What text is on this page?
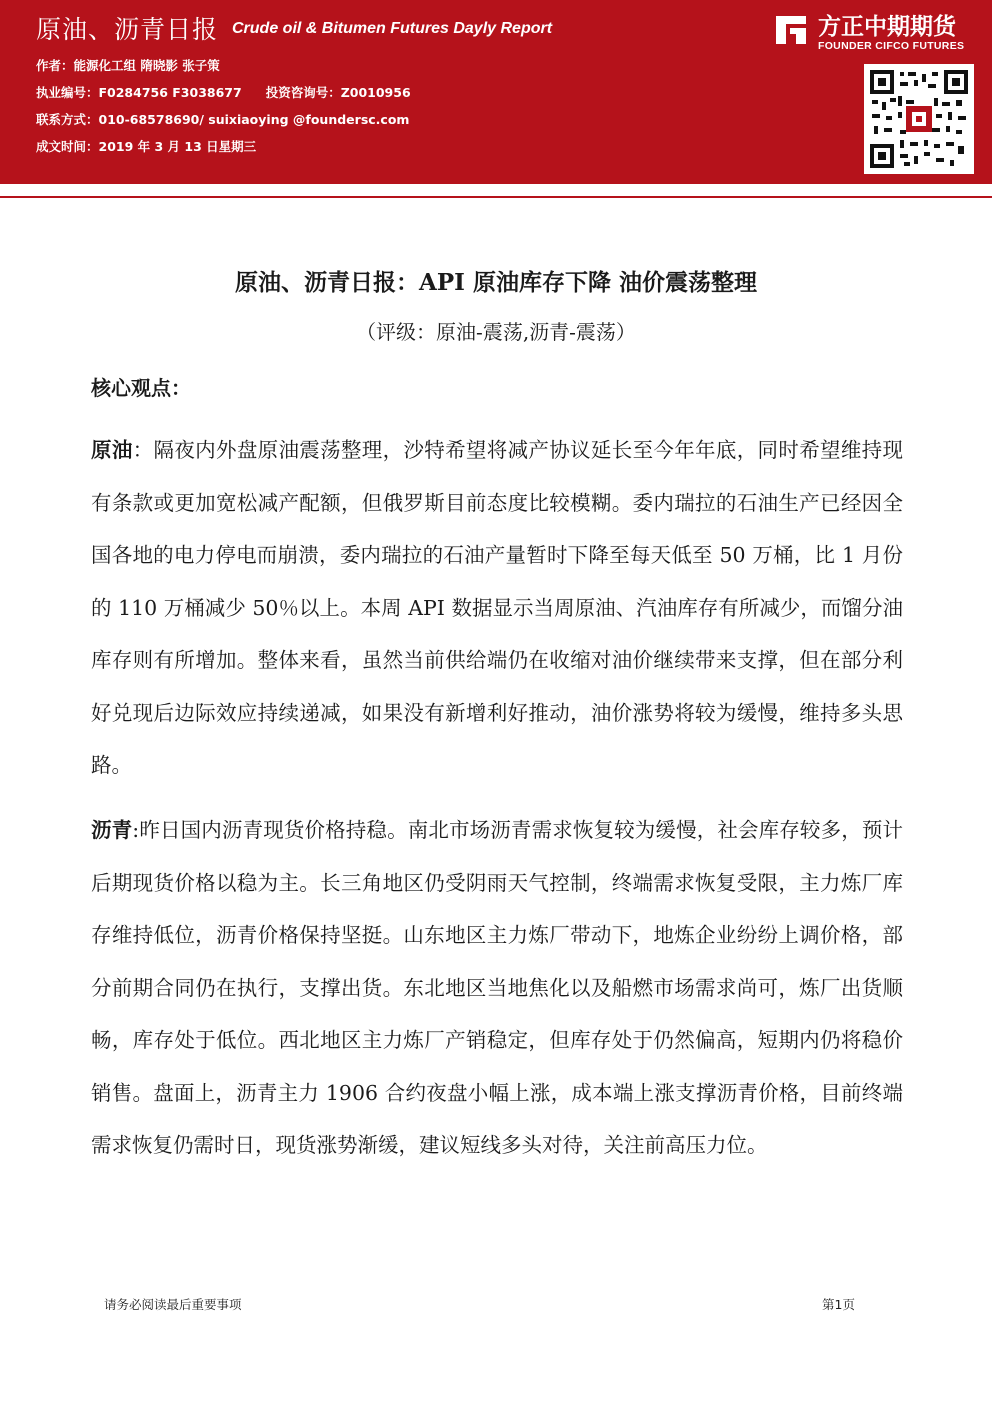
原油、沥青日报 Crude oil & Bitumen Futures Dayly Report
作者：能源化工组 隋晓影 张子策
执业编号：F0284756 F3038677 投资咨询号：Z0010956
联系方式：010-68578690/ suixiaoying @foundersc.com
成文时间：2019 年 3 月 13 日星期三
方正中期期货
FOUNDER CIFCO FUTURES
原油、沥青日报：API 原油库存下降 油价震荡整理
（评级：原油-震荡,沥青-震荡）
核心观点：
原油：隔夜内外盘原油震荡整理，沙特希望将减产协议延长至今年年底，同时希望维持现有条款或更加宽松减产配额，但俄罗斯目前态度比较模糊。委内瑞拉的石油生产已经因全国各地的电力停电而崩溃，委内瑞拉的石油产量暂时下降至每天低至 50 万桶，比 1 月份的 110 万桶减少 50％以上。本周 API 数据显示当周原油、汽油库存有所减少，而馏分油库存则有所增加。整体来看，虽然当前供给端仍在收缩对油价继续带来支撑，但在部分利好兑现后边际效应持续递减，如果没有新增利好推动，油价涨势将较为缓慢，维持多头思路。
沥青:昨日国内沥青现货价格持稳。南北市场沥青需求恢复较为缓慢，社会库存较多，预计后期现货价格以稳为主。长三角地区仍受阴雨天气控制，终端需求恢复受限，主力炼厂库存维持低位，沥青价格保持坚挺。山东地区主力炼厂带动下，地炼企业纷纷上调价格，部分前期合同仍在执行，支撑出货。东北地区当地焦化以及船燃市场需求尚可，炼厂出货顺畅，库存处于低位。西北地区主力炼厂产销稳定，但库存处于仍然偏高，短期内仍将稳价销售。盘面上，沥青主力 1906 合约夜盘小幅上涨，成本端上涨支撑沥青价格，目前终端需求恢复仍需时日，现货涨势渐缓，建议短线多头对待，关注前高压力位。
请务必阅读最后重要事项	第1页
